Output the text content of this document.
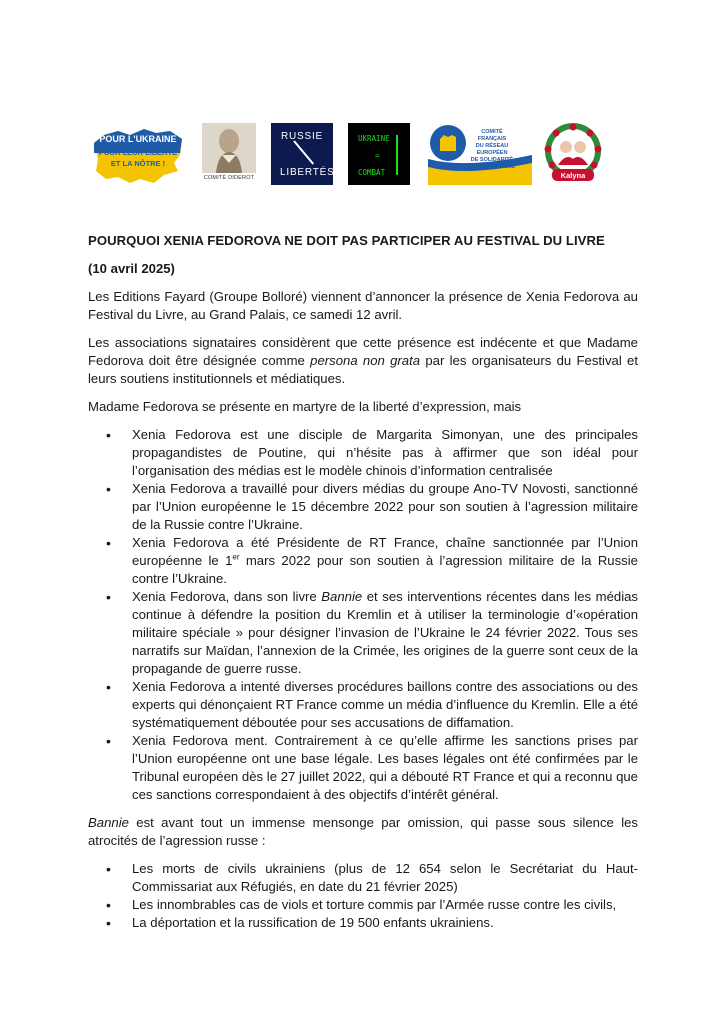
POUR L'UKRAINE
POUR LEUR LIBERTÉ
ET LA NÔTRE !
COMITÉ DIDEROT
RUSSIE
LIBERTÉS
UKRAINE
=
COMBAT
COMITÉ
FRANÇAIS
DU RÉSEAU
EUROPÉEN
DE SOLIDARITÉ
AVEC L'UKRAINE
Kalyna
POURQUOI XENIA FEDOROVA NE DOIT PAS PARTICIPER AU FESTIVAL DU LIVRE
(10 avril 2025)

Les Editions Fayard (Groupe Bolloré) viennent d’annoncer la présence de Xenia Fedorova au Festival du Livre, au Grand Palais, ce samedi 12 avril.

Les associations signataires considèrent que cette présence est indécente et que Madame Fedorova doit être désignée comme persona non grata par les organisateurs du Festival et leurs soutiens institutionnels et médiatiques.

Madame Fedorova se présente en martyre de la liberté d’expression, mais

• Xenia Fedorova est une disciple de Margarita Simonyan, une des principales propagandistes de Poutine, qui n’hésite pas à affirmer que son idéal pour l’organisation des médias est le modèle chinois d’information centralisée
• Xenia Fedorova a travaillé pour divers médias du groupe Ano-TV Novosti, sanctionné par l’Union européenne le 15 décembre 2022 pour son soutien à l’agression militaire de la Russie contre l’Ukraine.
• Xenia Fedorova a été Présidente de RT France, chaîne sanctionnée par l’Union européenne le 1er mars 2022 pour son soutien à l’agression militaire de la Russie contre l’Ukraine.
• Xenia Fedorova, dans son livre Bannie et ses interventions récentes dans les médias continue à défendre la position du Kremlin et à utiliser la terminologie d’«opération militaire spéciale » pour désigner l’invasion de l’Ukraine le 24 février 2022. Tous ses narratifs sur Maïdan, l’annexion de la Crimée, les origines de la guerre sont ceux de la propagande de guerre russe.
• Xenia Fedorova a intenté diverses procédures baillons contre des associations ou des experts qui dénonçaient RT France comme un média d’influence du Kremlin. Elle a été systématiquement déboutée pour ses accusations de diffamation.
• Xenia Fedorova ment. Contrairement à ce qu’elle affirme les sanctions prises par l’Union européenne ont une base légale. Les bases légales ont été confirmées par le Tribunal européen dès le 27 juillet 2022, qui a débouté RT France et qui a reconnu que ces sanctions correspondaient à des objectifs d’intérêt général.

Bannie est avant tout un immense mensonge par omission, qui passe sous silence les atrocités de l’agression russe :

• Les morts de civils ukrainiens (plus de 12 654 selon le Secrétariat du Haut-Commissariat aux Réfugiés, en date du 21 février 2025)
• Les innombrables cas de viols et torture commis par l’Armée russe contre les civils,
• La déportation et la russification de 19 500 enfants ukrainiens.
